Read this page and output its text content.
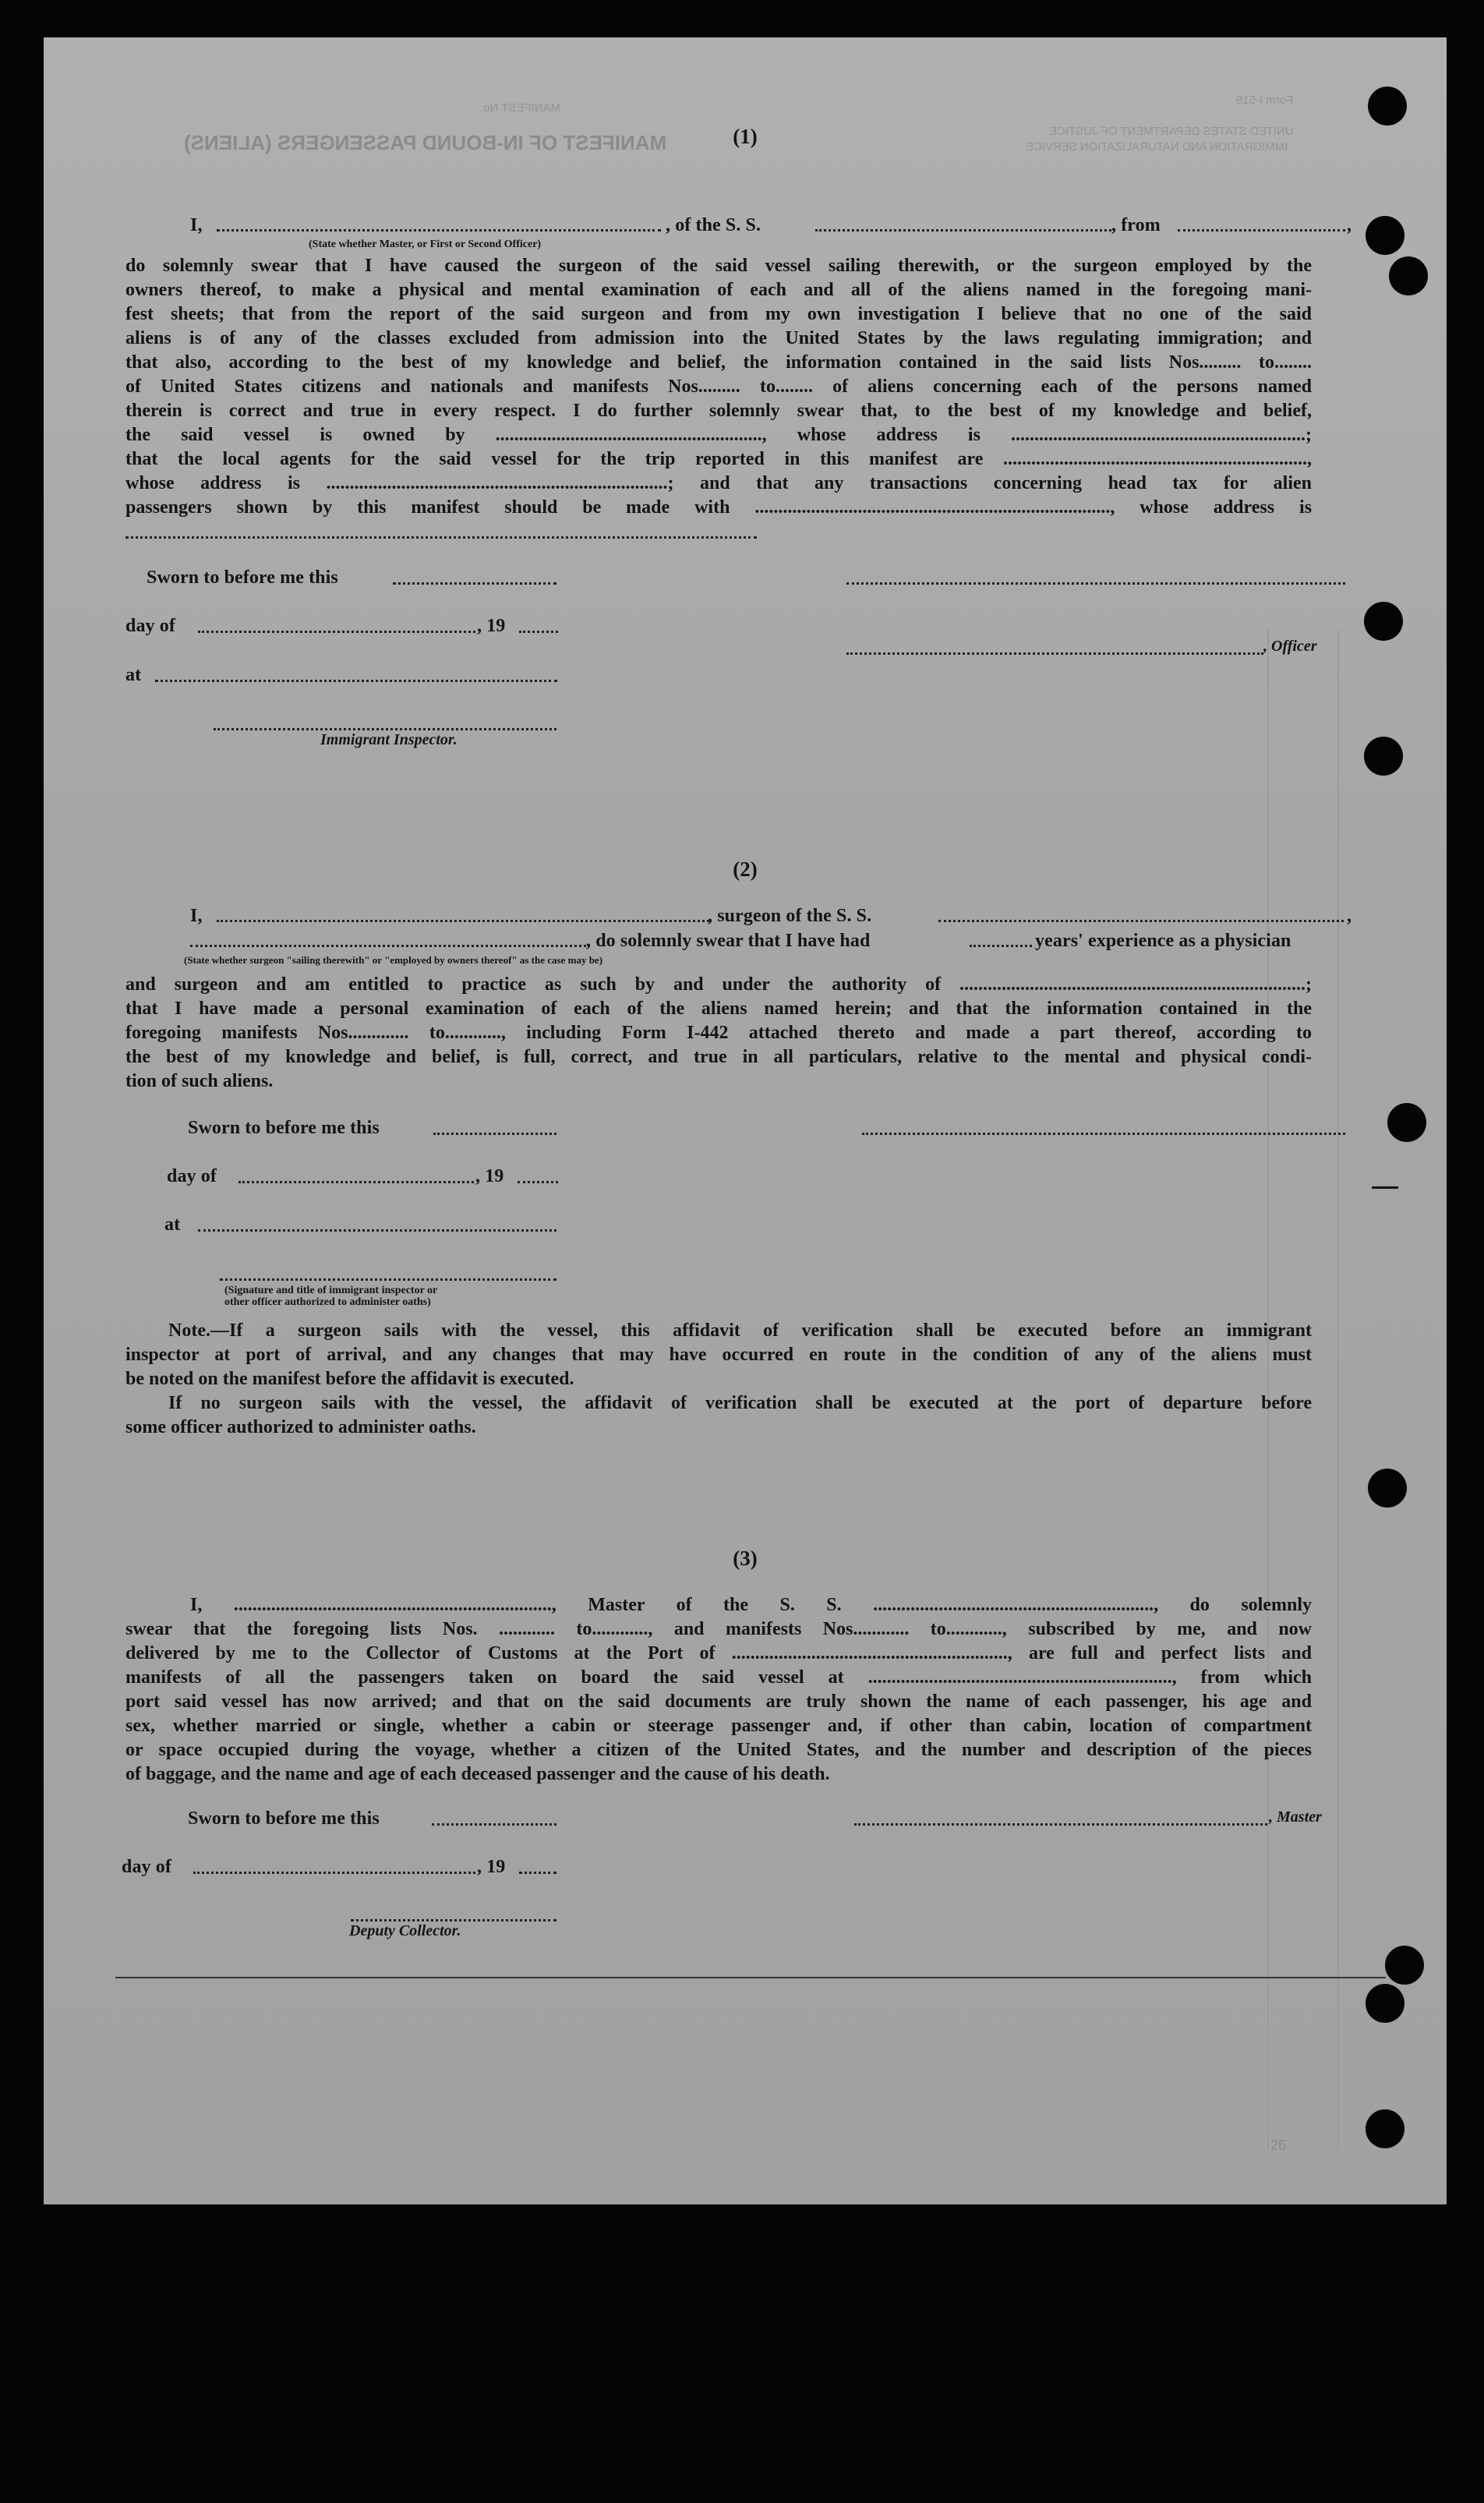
MANIFEST OF IN-BOUND PASSENGERS (ALIENS)
MANIFEST No.
Form I-515
UNITED STATES DEPARTMENT OF JUSTICE
IMMIGRATION AND NATURALIZATION SERVICE
(1)
I,	, of the S. S.	, from	,
(State whether Master, or First or Second Officer)
do solemnly swear that I have caused the surgeon of the said vessel sailing therewith, or the surgeon employed by the
owners thereof, to make a physical and mental examination of each and all of the aliens named in the foregoing mani-
fest sheets; that from the report of the said surgeon and from my own investigation I believe that no one of the said
aliens is of any of the classes excluded from admission into the United States by the laws regulating immigration; and
that also, according to the best of my knowledge and belief, the information contained in the said lists Nos......... to........
of United States citizens and nationals and manifests Nos......... to........ of aliens concerning each of the persons named
therein is correct and true in every respect. I do further solemnly swear that, to the best of my knowledge and belief,
the said vessel is owned by ........................................................., whose address is ...............................................................;
that the local agents for the said vessel for the trip reported in this manifest are .................................................................,
whose address is .........................................................................; and that any transactions concerning head tax for alien
passengers shown by this manifest should be made with ............................................................................, whose address is
Sworn to before me this
day of	, 19
, Officer
at
Immigrant Inspector.
(2)
I,	, surgeon of the S. S.	,
, do solemnly swear that I have had	years' experience as a physician
(State whether surgeon "sailing therewith" or "employed by owners thereof" as the case may be)
and surgeon and am entitled to practice as such by and under the authority of ..........................................................................;
that I have made a personal examination of each of the aliens named herein; and that the information contained in the
foregoing manifests Nos............. to............, including Form I-442 attached thereto and made a part thereof, according to
the best of my knowledge and belief, is full, correct, and true in all particulars, relative to the mental and physical condi-
tion of such aliens.
Sworn to before me this
day of	, 19
at
(Signature and title of immigrant inspector or
other officer authorized to administer oaths)
Note.—If a surgeon sails with the vessel, this affidavit of verification shall be executed before an immigrant
inspector at port of arrival, and any changes that may have occurred en route in the condition of any of the aliens must
be noted on the manifest before the affidavit is executed.
If no surgeon sails with the vessel, the affidavit of verification shall be executed at the port of departure before
some officer authorized to administer oaths.
(3)
I, ...................................................................., Master of the S. S. ............................................................, do solemnly
swear that the foregoing lists Nos. ............ to............, and manifests Nos............ to............, subscribed by me, and now
delivered by me to the Collector of Customs at the Port of ..........................................................., are full and perfect lists and
manifests of all the passengers taken on board the said vessel at ................................................................., from which
port said vessel has now arrived; and that on the said documents are truly shown the name of each passenger, his age and
sex, whether married or single, whether a cabin or steerage passenger and, if other than cabin, location of compartment
or space occupied during the voyage, whether a citizen of the United States, and the number and description of the pieces
of baggage, and the name and age of each deceased passenger and the cause of his death.
Sworn to before me this	, Master
day of	, 19
Deputy Collector.
26
